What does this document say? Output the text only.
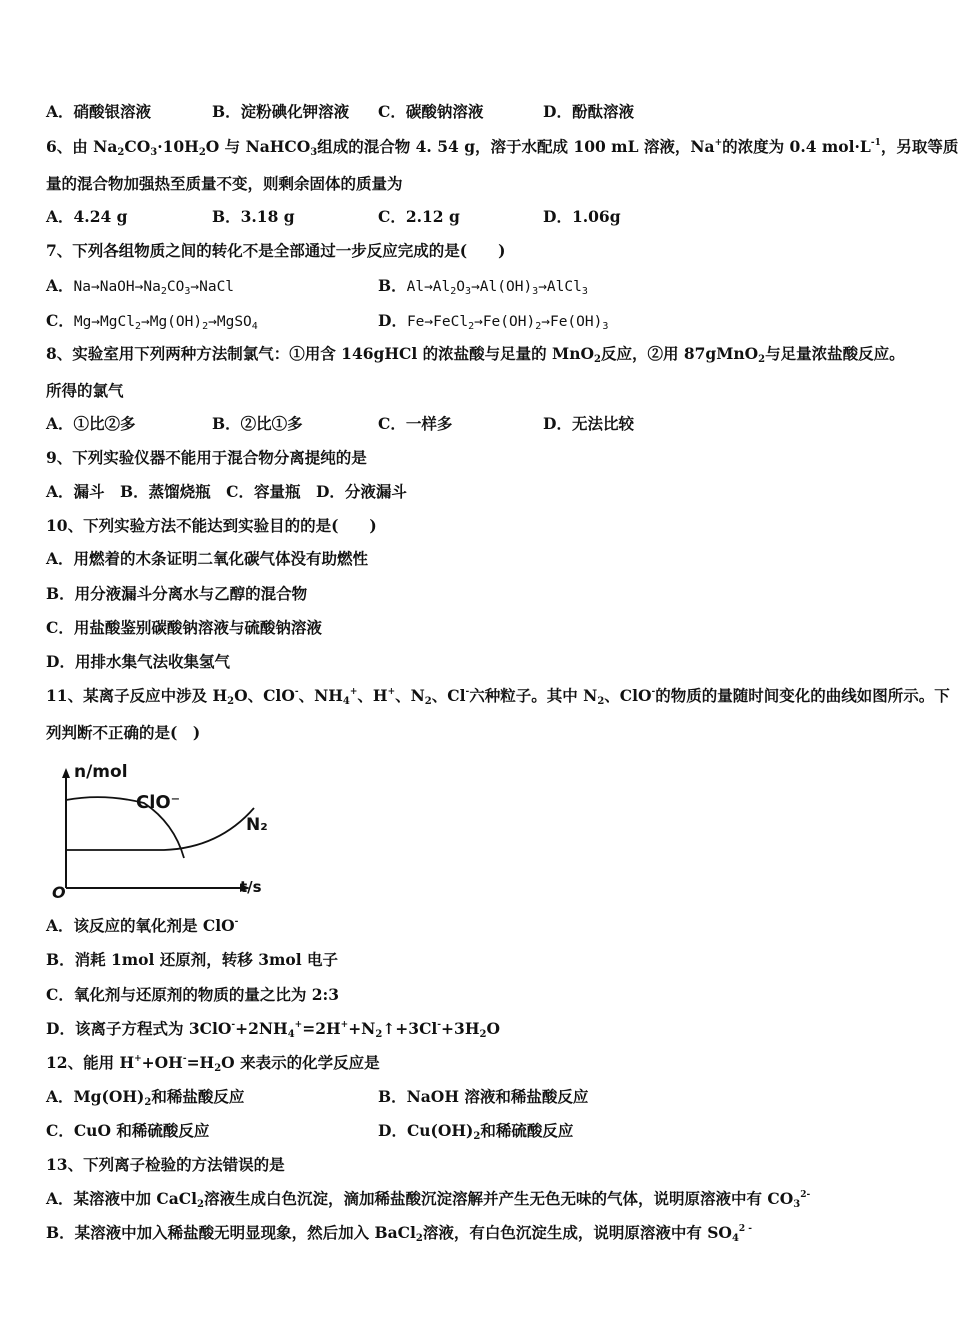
A．硝酸银溶液	B．淀粉碘化钾溶液 C．碳酸钠溶液	D．酚酞溶液
6、由 $Na_2CO_3\cdot 10H_2O$ 与 NaHCO$_3$组成的混合物 4. 54 g，溶于水配成 100 mL 溶液，Na+的浓度为 0.4 $mol\cdot L^{-1}$，另取等质
量的混合物加强热至质量不变，则剩余固体的质量为
A．4.24 g	B．3.18 g	C．2.12 g	D．1.06g
7、下列各组物质之间的转化不是全部通过一步反应完成的是(　　)
A．$Na\to NaOH\to Na_2CO_3\to NaCl$	B．$Al\to Al_2O_3\to Al(OH)_3\to AlCl_3$
C．$Mg\to MgCl_2\to Mg(OH)_2\to MgSO_4$	D．$Fe\to FeCl_2\to Fe(OH)_2\to Fe(OH)_3$
8、实验室用下列两种方法制氯气：①用含 146gHCl 的浓盐酸与足量的 MnO$_2$反应，②用 87gMnO$_2$与足量浓盐酸反应。
所得的氯气
A．①比②多	B．②比①多	C．一样多	D．无法比较
9、下列实验仪器不能用于混合物分离提纯的是
A．漏斗　B．蒸馏烧瓶　C．容量瓶　D．分液漏斗
10、下列实验方法不能达到实验目的的是(　　)
A．用燃着的木条证明二氧化碳气体没有助燃性
B．用分液漏斗分离水与乙醇的混合物
C．用盐酸鉴别碳酸钠溶液与硫酸钠溶液
D．用排水集气法收集氢气
11、某离子反应中涉及 $H_2O$、ClO-、$NH_4^+$、H+、$N_2$、Cl-六种粒子。其中 $N_2$、ClO-的物质的量随时间变化的曲线如图所示。下
列判断不正确的是(　)
n/mol
t/s
O
ClO⁻
N₂
A．该反应的氧化剂是 ClO-
B．消耗 1mol 还原剂，转移 3mol 电子
C．氧化剂与还原剂的物质的量之比为 2:3
D．该离子方程式为 $3ClO^-+2NH_4^+=2H^++N_2↑+3Cl^-+3H_2O$
12、能用 $H^++OH^-=H_2O$ 来表示的化学反应是
A．$Mg(OH)_2$和稀盐酸反应	B．NaOH 溶液和稀盐酸反应
C．CuO 和稀硫酸反应	D．$Cu(OH)_2$和稀硫酸反应
13、下列离子检验的方法错误的是
A．某溶液中加 CaCl$_2$溶液生成白色沉淀，滴加稀盐酸沉淀溶解并产生无色无味的气体，说明原溶液中有 $CO_3^{2-}$
B．某溶液中加入稀盐酸无明显现象，然后加入 BaCl$_2$溶液，有白色沉淀生成，说明原溶液中有 $SO_4^{2 -}$
